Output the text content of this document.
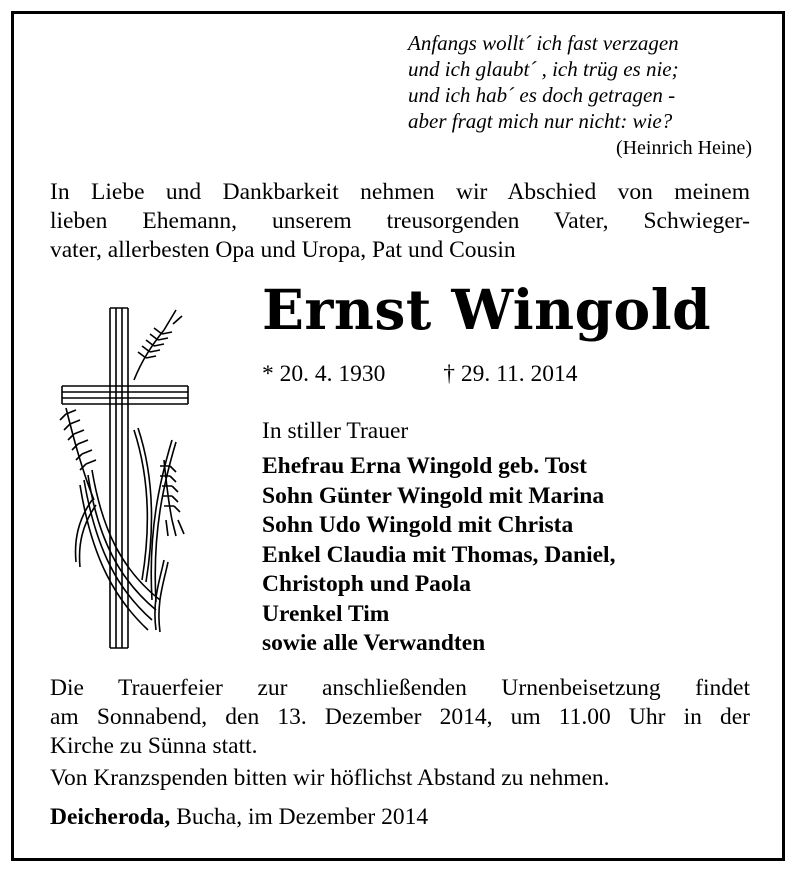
Anfangs wollt´ ich fast verzagen
und ich glaubt´ , ich trüg es nie;
und ich hab´ es doch getragen -
aber fragt mich nur nicht: wie?
(Heinrich Heine)
In Liebe und Dankbarkeit nehmen wir Abschied von meinem
lieben Ehemann, unserem treusorgenden Vater, Schwieger-
vater, allerbesten Opa und Uropa, Pat und Cousin
Ernst Wingold
* 20. 4. 1930 † 29. 11. 2014
In stiller Trauer
Ehefrau Erna Wingold geb. Tost
Sohn Günter Wingold mit Marina
Sohn Udo Wingold mit Christa
Enkel Claudia mit Thomas, Daniel,
Christoph und Paola
Urenkel Tim
sowie alle Verwandten
Die Trauerfeier zur anschließenden Urnenbeisetzung findet
am Sonnabend, den 13. Dezember 2014, um 11.00 Uhr in der
Kirche zu Sünna statt.
Von Kranzspenden bitten wir höflichst Abstand zu nehmen.
Deicheroda, Bucha, im Dezember 2014
